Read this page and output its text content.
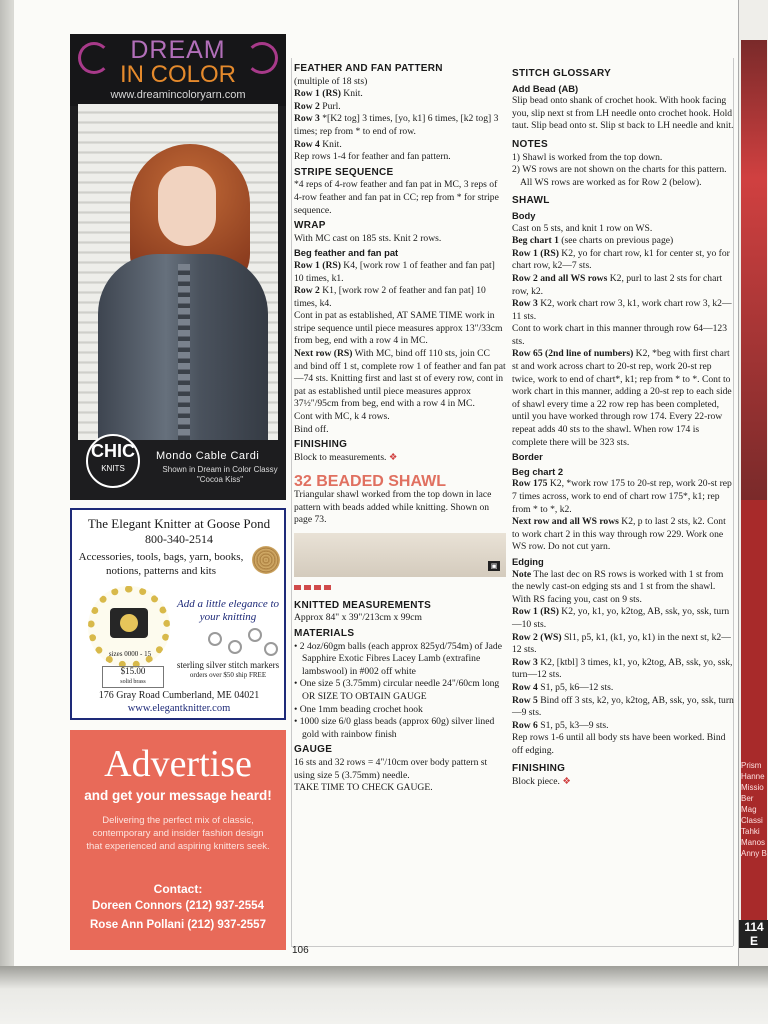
Prism Hanne Missio Ber Mag Classi Tahki Manos Anny B
114 E
DREAM
IN COLOR
www.dreamincoloryarn.com
CHIC
KNITS
Mondo Cable Cardi
Shown in Dream in Color Classy "Cocoa Kiss"
The Elegant Knitter at Goose Pond
800-340-2514
Accessories, tools, bags, yarn, books, notions, patterns and kits
sizes 0000 - 15
$15.00
solid brass
Add a little elegance to your knitting
sterling silver stitch markers
orders over $50 ship FREE
176 Gray Road Cumberland, ME 04021
www.elegantknitter.com
Advertise
and get your message heard!
Delivering the perfect mix of classic, contemporary and insider fashion design that experienced and aspiring knitters seek.
Contact:
Doreen Connors (212) 937-2554
Rose Ann Pollani (212) 937-2557
FEATHER AND FAN PATTERN

(multiple of 18 sts)

Row 1 (RS) Knit.

Row 2 Purl.

Row 3 *[K2 tog] 3 times, [yo, k1] 6 times, [k2 tog] 3 times; rep from * to end of row.

Row 4 Knit.

Rep rows 1-4 for feather and fan pattern.

STRIPE SEQUENCE

*4 reps of 4-row feather and fan pat in MC, 3 reps of 4-row feather and fan pat in CC; rep from * for stripe sequence.

WRAP

With MC cast on 185 sts. Knit 2 rows.

Beg feather and fan pat

Row 1 (RS) K4, [work row 1 of feather and fan pat] 10 times, k1.

Row 2 K1, [work row 2 of feather and fan pat] 10 times, k4.

Cont in pat as established, AT SAME TIME work in stripe sequence until piece measures approx 13"/33cm from beg, end with a row 4 in MC.

Next row (RS) With MC, bind off 110 sts, join CC and bind off 1 st, complete row 1 of feather and fan pat—74 sts. Knitting first and last st of every row, cont in pat as established until piece measures approx 37½"/95cm from beg, end with a row 4 in MC.

Cont with MC, k 4 rows.

Bind off.

FINISHING

Block to measurements. ❖

32 BEADED SHAWL

Triangular shawl worked from the top down in lace pattern with beads added while knitting. Shown on page 73.

▣
KNITTED MEASUREMENTS

Approx 84" x 39"/213cm x 99cm

MATERIALS

• 2 4oz/60gm balls (each approx 825yd/754m) of Jade Sapphire Exotic Fibres Lacey Lamb (extrafine lambswool) in #002 off white

• One size 5 (3.75mm) circular needle 24"/60cm long OR SIZE TO OBTAIN GAUGE

• One 1mm beading crochet hook

• 1000 size 6/0 glass beads (approx 60g) silver lined gold with rainbow finish

GAUGE

16 sts and 32 rows = 4"/10cm over body pattern st using size 5 (3.75mm) needle.

TAKE TIME TO CHECK GAUGE.

STITCH GLOSSARY
Add Bead (AB)

Slip bead onto shank of crochet hook. With hook facing you, slip next st from LH needle onto crochet hook. Hold taut. Slip bead onto st. Slip st back to LH needle and knit.

NOTES

1) Shawl is worked from the top down.

2) WS rows are not shown on the charts for this pattern. All WS rows are worked as for Row 2 (below).

SHAWL
Body

Cast on 5 sts, and knit 1 row on WS.

Beg chart 1 (see charts on previous page)

Row 1 (RS) K2, yo for chart row, k1 for center st, yo for chart row, k2—7 sts.

Row 2 and all WS rows K2, purl to last 2 sts for chart row, k2.

Row 3 K2, work chart row 3, k1, work chart row 3, k2—11 sts.

Cont to work chart in this manner through row 64—123 sts.

Row 65 (2nd line of numbers) K2, *beg with first chart st and work across chart to 20-st rep, work 20-st rep twice, work to end of chart*, k1; rep from * to *. Cont to work chart in this manner, adding a 20-st rep to each side of shawl every time a 22 row rep has been completed, until you have worked through row 174. Every 22-row repeat adds 40 sts to the shawl. When row 174 is complete there will be 323 sts.

Border
Beg chart 2

Row 175 K2, *work row 175 to 20-st rep, work 20-st rep 7 times across, work to end of chart row 175*, k1; rep from * to *, k2.

Next row and all WS rows K2, p to last 2 sts, k2. Cont to work chart 2 in this way through row 229. Work one WS row. Do not cut yarn.

Edging

Note The last dec on RS rows is worked with 1 st from the newly cast-on edging sts and 1 st from the shawl.

With RS facing you, cast on 9 sts.

Row 1 (RS) K2, yo, k1, yo, k2tog, AB, ssk, yo, ssk, turn—10 sts.

Row 2 (WS) Sl1, p5, k1, (k1, yo, k1) in the next st, k2—12 sts.

Row 3 K2, [ktbl] 3 times, k1, yo, k2tog, AB, ssk, yo, ssk, turn—12 sts.

Row 4 S1, p5, k6—12 sts.

Row 5 Bind off 3 sts, k2, yo, k2tog, AB, ssk, yo, ssk, turn—9 sts.

Row 6 S1, p5, k3—9 sts.

Rep rows 1-6 until all body sts have been worked. Bind off edging.

FINISHING

Block piece. ❖

106
